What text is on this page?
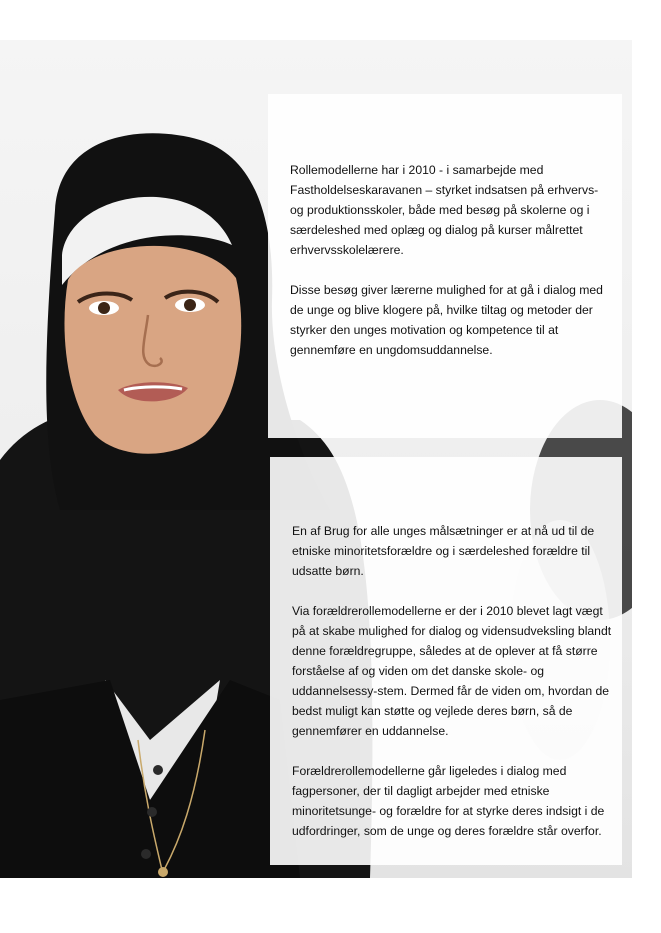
Rollemodellerne har i 2010 - i samarbejde med Fastholdelseskaravanen – styrket indsatsen på erhvervs- og produktionsskoler, både med besøg på skolerne og i særdeleshed med oplæg og dialog på kurser målrettet erhvervsskolelærere.

Disse besøg giver lærerne mulighed for at gå i dialog med de unge og blive klogere på, hvilke tiltag og metoder der styrker den unges motivation og kompetence til at gennemføre en ungdomsuddannelse.

En af Brug for alle unges målsætninger er at nå ud til de etniske minoritetsforældre og i særdeleshed forældre til udsatte børn.

Via forældrerollemodellerne er der i 2010 blevet lagt vægt på at skabe mulighed for dialog og vidensudveksling blandt denne forældregruppe, således at de oplever at få større forståelse af og viden om det danske skole- og uddannelsessy-stem. Dermed får de viden om, hvordan de bedst muligt kan støtte og vejlede deres børn, så de gennemfører en uddannelse.

Forældrerollemodellerne går ligeledes i dialog med fagpersoner, der til dagligt arbejder med etniske minoritetsunge- og forældre for at styrke deres indsigt i de udfordringer, som de unge og deres forældre står overfor.
